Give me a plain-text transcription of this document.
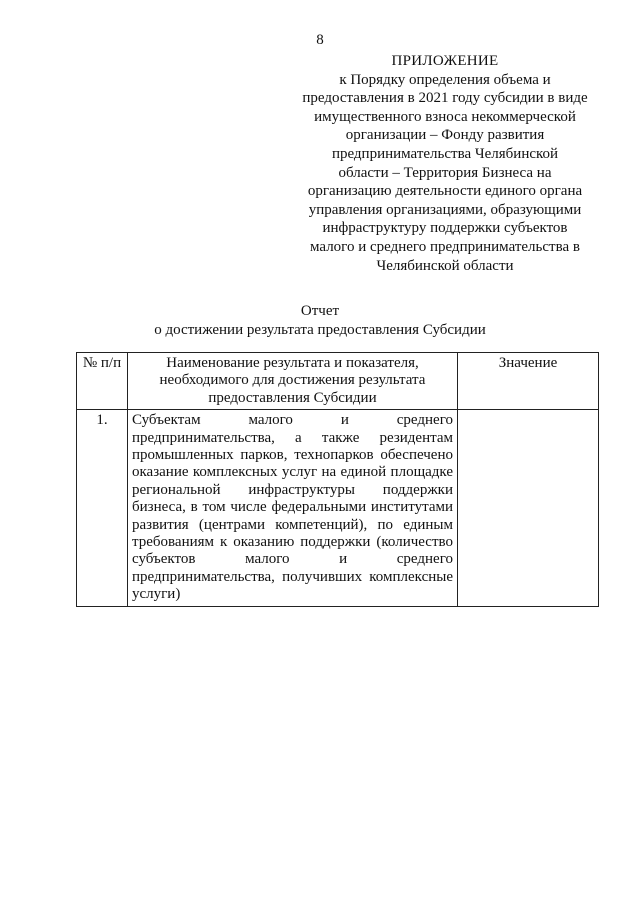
8
ПРИЛОЖЕНИЕ
к Порядку определения объема и
предоставления в 2021 году субсидии в виде
имущественного взноса некоммерческой
организации – Фонду развития
предпринимательства Челябинской
области – Территория Бизнеса на
организацию деятельности единого органа
управления организациями, образующими
инфраструктуру поддержки субъектов
малого и среднего предпринимательства в
Челябинской области
Отчет
о достижении результата предоставления Субсидии
№ п/п	Наименование результата и показателя, необходимого для достижения результата предоставления Субсидии	Значение
1.	Субъектам малого и среднего предпринимательства, а также резидентам промышленных парков, технопарков обеспечено оказание комплексных услуг на единой площадке региональной инфраструктуры поддержки бизнеса, в том числе федеральными институтами развития (центрами компетенций), по единым требованиям к оказанию поддержки (количество субъектов малого и среднего предпринимательства, получивших комплексные услуги)	
